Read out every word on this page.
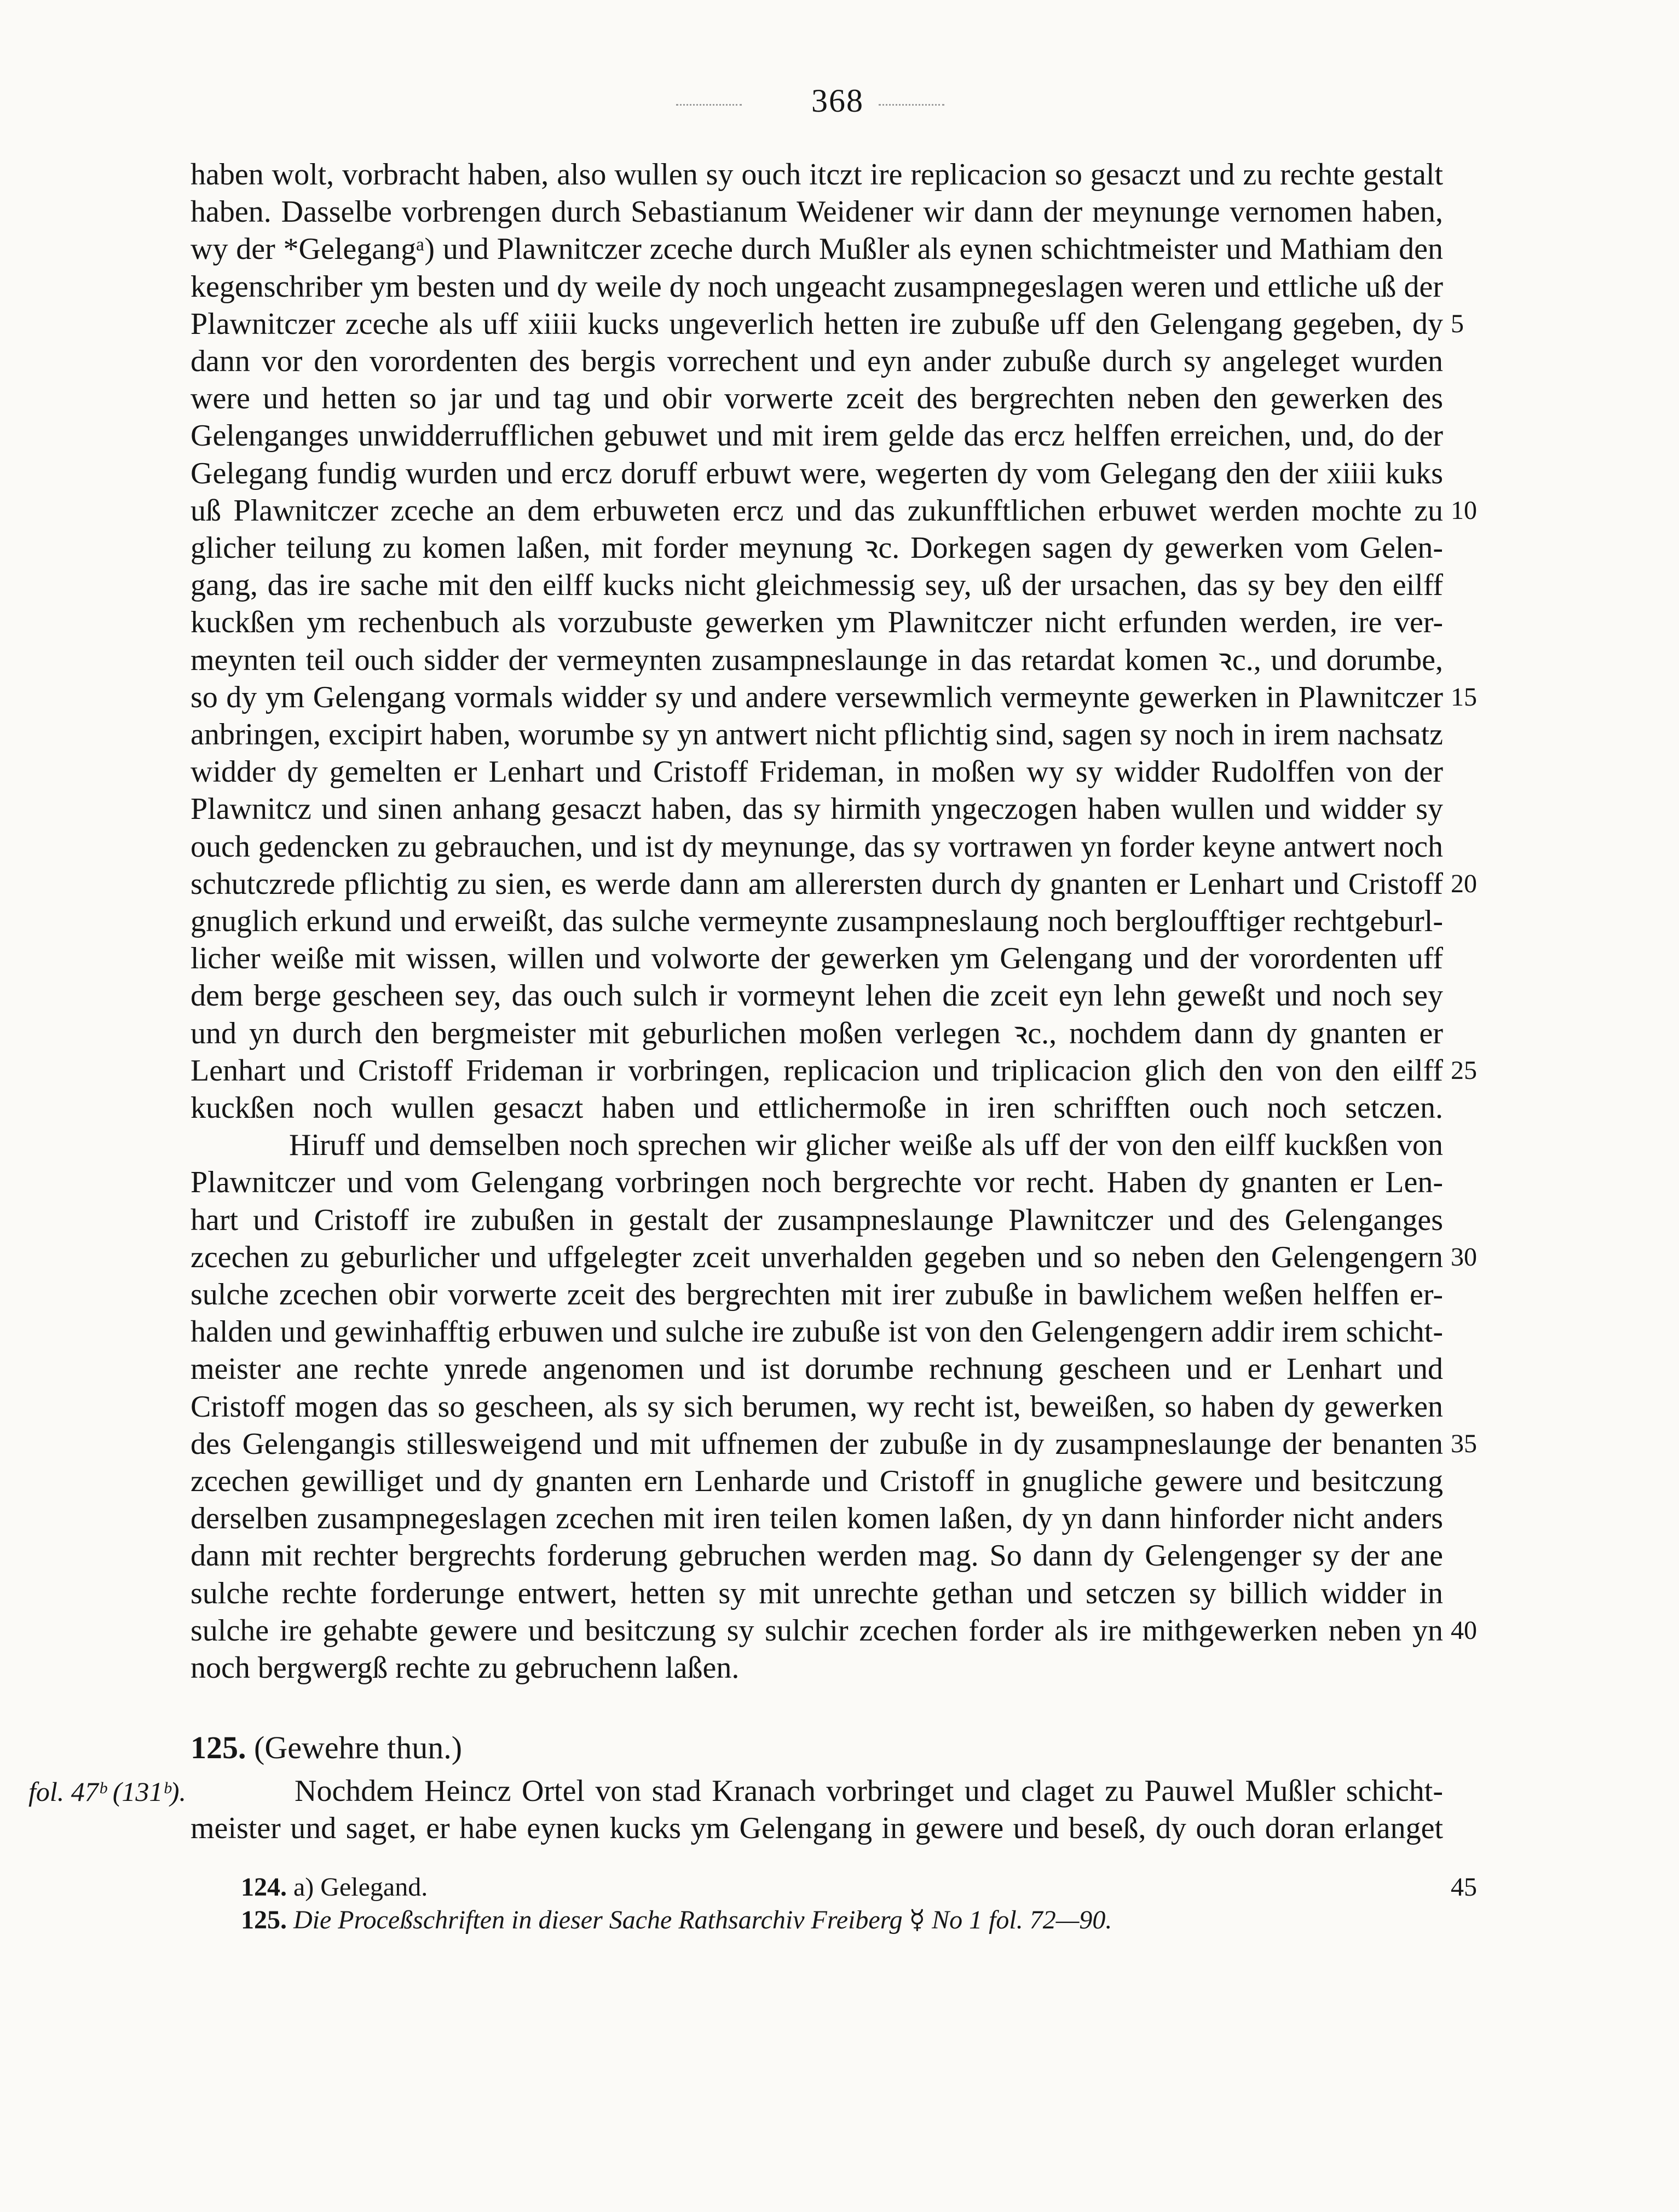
368
haben wolt, vorbracht haben, also wullen sy ouch itczt ire replicacion so gesaczt und zu rechte gestalt
haben. Dasselbe vorbrengen durch Sebastianum Weidener wir dann der meynunge vernomen haben,
wy der *Gelegangᵃ) und Plawnitczer zceche durch Mußler als eynen schichtmeister und Mathiam den
kegenschriber ym besten und dy weile dy noch ungeacht zusampnegeslagen weren und ettliche uß der
Plawnitczer zceche als uff xiiii kucks ungeverlich hetten ire zubuße uff den Gelengang gegeben, dy 5
dann vor den vorordenten des bergis vorrechent und eyn ander zubuße durch sy angeleget wurden
were und hetten so jar und tag und obir vorwerte zceit des bergrechten neben den gewerken des
Gelenganges unwidderrufflichen gebuwet und mit irem gelde das ercz helffen erreichen, und, do der
Gelegang fundig wurden und ercz doruff erbuwt were, wegerten dy vom Gelegang den der xiiii kuks
uß Plawnitczer zceche an dem erbuweten ercz und das zukunfftlichen erbuwet werden mochte zu 10
glicher teilung zu komen laßen, mit forder meynung ꝛc. Dorkegen sagen dy gewerken vom Gelen-
gang, das ire sache mit den eilff kucks nicht gleichmessig sey, uß der ursachen, das sy bey den eilff
kuckßen ym rechenbuch als vorzubuste gewerken ym Plawnitczer nicht erfunden werden, ire ver-
meynten teil ouch sidder der vermeynten zusampneslaunge in das retardat komen ꝛc., und dorumbe,
so dy ym Gelengang vormals widder sy und andere versewmlich vermeynte gewerken in Plawnitczer 15
anbringen, excipirt haben, worumbe sy yn antwert nicht pflichtig sind, sagen sy noch in irem nachsatz
widder dy gemelten er Lenhart und Cristoff Frideman, in moßen wy sy widder Rudolffen von der
Plawnitcz und sinen anhang gesaczt haben, das sy hirmith yngeczogen haben wullen und widder sy
ouch gedencken zu gebrauchen, und ist dy meynunge, das sy vortrawen yn forder keyne antwert noch
schutczrede pflichtig zu sien, es werde dann am allerersten durch dy gnanten er Lenhart und Cristoff 20
gnuglich erkund und erweißt, das sulche vermeynte zusampneslaung noch bergloufftiger rechtgeburl-
licher weiße mit wissen, willen und volworte der gewerken ym Gelengang und der vorordenten uff
dem berge gescheen sey, das ouch sulch ir vormeynt lehen die zceit eyn lehn geweßt und noch sey
und yn durch den bergmeister mit geburlichen moßen verlegen ꝛc., nochdem dann dy gnanten er
Lenhart und Cristoff Frideman ir vorbringen, replicacion und triplicacion glich den von den eilff 25
kuckßen noch wullen gesaczt haben und ettlichermoße in iren schrifften ouch noch setczen.
Hiruff und demselben noch sprechen wir glicher weiße als uff der von den eilff kuckßen von
Plawnitczer und vom Gelengang vorbringen noch bergrechte vor recht. Haben dy gnanten er Len-
hart und Cristoff ire zubußen in gestalt der zusampneslaunge Plawnitczer und des Gelenganges
zcechen zu geburlicher und uffgelegter zceit unverhalden gegeben und so neben den Gelengengern 30
sulche zcechen obir vorwerte zceit des bergrechten mit irer zubuße in bawlichem weßen helffen er-
halden und gewinhafftig erbuwen und sulche ire zubuße ist von den Gelengengern addir irem schicht-
meister ane rechte ynrede angenomen und ist dorumbe rechnung gescheen und er Lenhart und
Cristoff mogen das so gescheen, als sy sich berumen, wy recht ist, beweißen, so haben dy gewerken
des Gelengangis stillesweigend und mit uffnemen der zubuße in dy zusampneslaunge der benanten 35
zcechen gewilliget und dy gnanten ern Lenharde und Cristoff in gnugliche gewere und besitczung
derselben zusampnegeslagen zcechen mit iren teilen komen laßen, dy yn dann hinforder nicht anders
dann mit rechter bergrechts forderung gebruchen werden mag. So dann dy Gelengenger sy der ane
sulche rechte forderunge entwert, hetten sy mit unrechte gethan und setczen sy billich widder in
sulche ire gehabte gewere und besitczung sy sulchir zcechen forder als ire mithgewerken neben yn 40
noch bergwergß rechte zu gebruchenn laßen.
125. (Gewehre thun.)
fol. 47ᵇ (131ᵇ).	Nochdem Heincz Ortel von stad Kranach vorbringet und claget zu Pauwel Mußler schicht-
meister und saget, er habe eynen kucks ym Gelengang in gewere und beseß, dy ouch doran erlanget
124. a) Gelegand.	45
125. Die Proceßschriften in dieser Sache Rathsarchiv Freiberg ☿ No 1 fol. 72—90.
